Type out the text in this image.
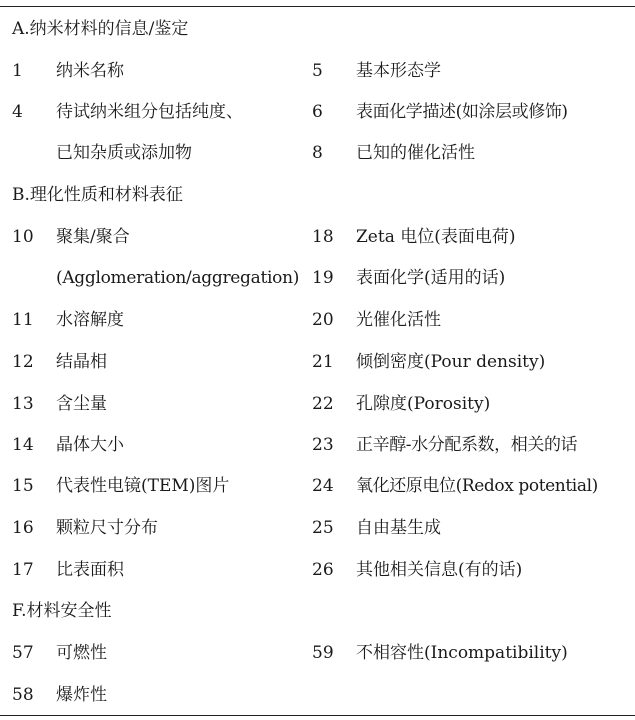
A.纳米材料的信息/鉴定
1 纳米名称	5 基本形态学
4 待试纳米组分包括纯度、	6 表面化学描述(如涂层或修饰)
已知杂质或添加物	8 已知的催化活性
B.理化性质和材料表征
10 聚集/聚合	18 Zeta 电位(表面电荷)
(Agglomeration/aggregation) 19 表面化学(适用的话)
11 水溶解度	20 光催化活性
12 结晶相	21 倾倒密度(Pour density)
13 含尘量	22 孔隙度(Porosity)
14 晶体大小	23 正辛醇-水分配系数，相关的话
15 代表性电镜(TEM)图片	24 氧化还原电位(Redox potential)
16 颗粒尺寸分布	25 自由基生成
17 比表面积	26 其他相关信息(有的话)
F.材料安全性
57 可燃性	59 不相容性(Incompatibility)
58 爆炸性
